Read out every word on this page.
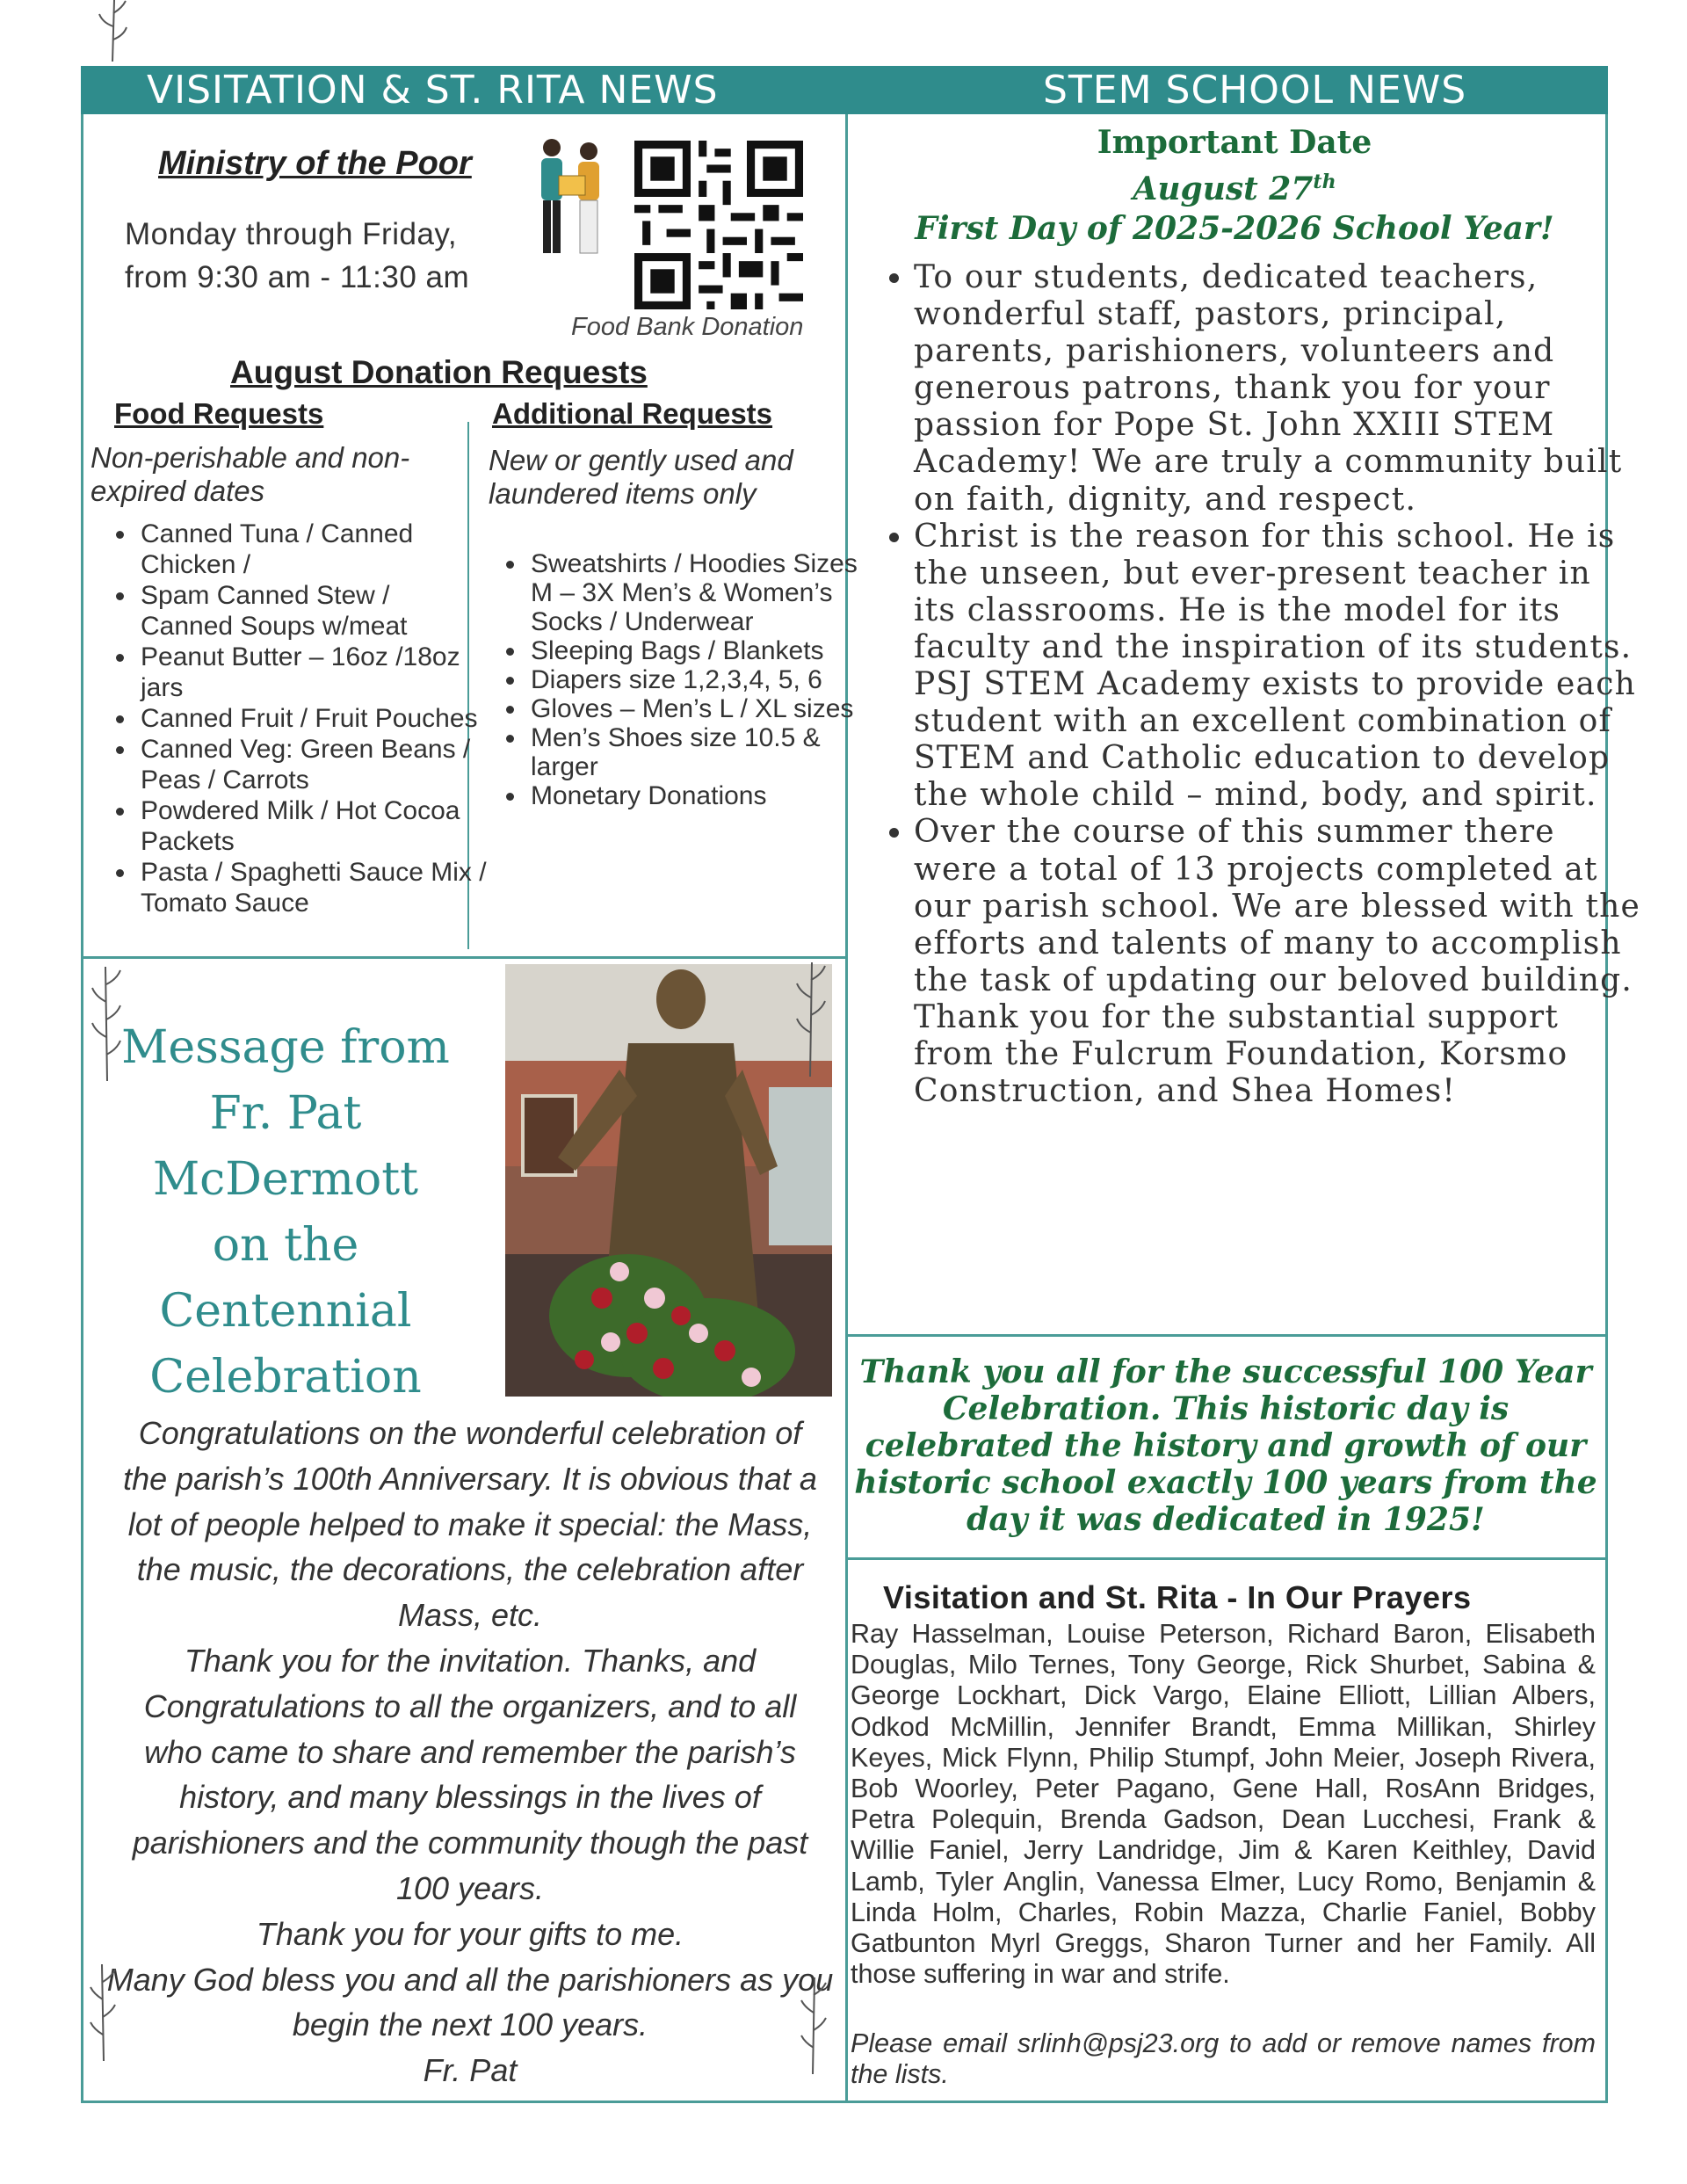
VISITATION & ST. RITA NEWS	STEM SCHOOL NEWS
Ministry of the Poor
Monday through Friday,
from 9:30 am - 11:30 am
Food Bank Donation
August Donation Requests
Food Requests
Non-perishable and non-
expired dates
• Canned Tuna / Canned Chicken /
• Spam Canned Stew / Canned Soups w/meat
• Peanut Butter – 16oz /18oz jars
• Canned Fruit / Fruit Pouches
• Canned Veg: Green Beans / Peas / Carrots
• Powdered Milk / Hot Cocoa Packets
• Pasta / Spaghetti Sauce Mix / Tomato Sauce
Additional Requests
New or gently used and
laundered items only
• Sweatshirts / Hoodies Sizes M – 3X Men’s & Women’s Socks / Underwear
• Sleeping Bags / Blankets
• Diapers size 1,2,3,4, 5, 6
• Gloves – Men’s L / XL sizes
• Men’s Shoes size 10.5 & larger
• Monetary Donations
Message from
Fr. Pat
McDermott
on the Centennial
Celebration
Congratulations on the wonderful celebration of
the parish’s 100th Anniversary. It is obvious that a
lot of people helped to make it special: the Mass,
the music, the decorations, the celebration after
Mass, etc.
Thank you for the invitation. Thanks, and
Congratulations to all the organizers, and to all
who came to share and remember the parish’s
history, and many blessings in the lives of
parishioners and the community though the past
100 years.
Thank you for your gifts to me.
Many God bless you and all the parishioners as you
begin the next 100 years.
Fr. Pat
Important Date
August 27th
First Day of 2025-2026 School Year!
• To our students, dedicated teachers, wonderful staff, pastors, principal, parents, parishioners, volunteers and generous patrons, thank you for your passion for Pope St. John XXIII STEM Academy! We are truly a community built on faith, dignity, and respect.
• Christ is the reason for this school. He is the unseen, but ever-present teacher in its classrooms. He is the model for its faculty and the inspiration of its students. PSJ STEM Academy exists to provide each student with an excellent combination of STEM and Catholic education to develop the whole child – mind, body, and spirit.
• Over the course of this summer there were a total of 13 projects completed at our parish school. We are blessed with the efforts and talents of many to accomplish the task of updating our beloved building. Thank you for the substantial support from the Fulcrum Foundation, Korsmo Construction, and Shea Homes!
Thank you all for the successful 100 Year Celebration. This historic day is celebrated the history and growth of our historic school exactly 100 years from the day it was dedicated in 1925!
Visitation and St. Rita - In Our Prayers
Ray Hasselman, Louise Peterson, Richard Baron, Elisabeth Douglas, Milo Ternes, Tony George, Rick Shurbet, Sabina & George Lockhart, Dick Vargo, Elaine Elliott, Lillian Albers, Odkod McMillin, Jennifer Brandt, Emma Millikan, Shirley Keyes, Mick Flynn, Philip Stumpf, John Meier, Joseph Rivera, Bob Woorley, Peter Pagano, Gene Hall, RosAnn Bridges, Petra Polequin, Brenda Gadson, Dean Lucchesi, Frank & Willie Faniel, Jerry Landridge, Jim & Karen Keithley, David Lamb, Tyler Anglin, Vanessa Elmer, Lucy Romo, Benjamin & Linda Holm, Charles, Robin Mazza, Charlie Faniel, Bobby Gatbunton Myrl Greggs, Sharon Turner and her Family. All those suffering in war and strife.
Please email srlinh@psj23.org to add or remove names from the lists.
